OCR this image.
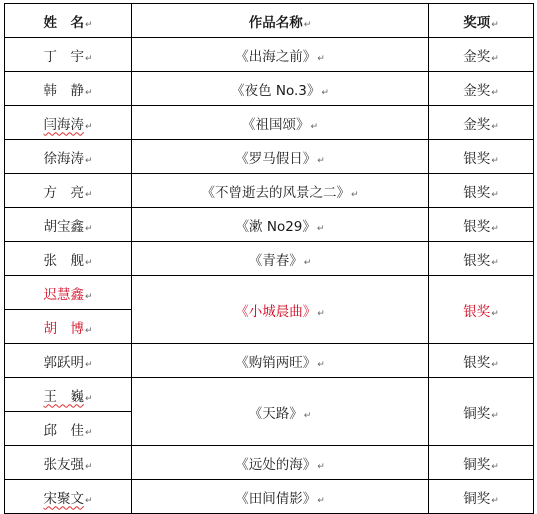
姓　名↵	作品名称↵	奖项↵
丁　宇↵	《出海之前》↵	金奖↵
韩　静↵	《夜色 No.3》↵	金奖↵
闫海涛↵	《祖国颂》↵	金奖↵
徐海涛↵	《罗马假日》↵	银奖↵
方　亮↵	《不曾逝去的风景之二》↵	银奖↵
胡宝鑫↵	《漱 No29》↵	银奖↵
张　舰↵	《青春》↵	银奖↵
迟慧鑫↵	《小城晨曲》↵	银奖↵
胡　博↵		
郭跃明↵	《购销两旺》↵	银奖↵
王　巍↵	《天路》↵	铜奖↵
邱　佳↵		
张友强↵	《远处的海》↵	铜奖↵
宋聚文↵	《田间倩影》↵	铜奖↵
